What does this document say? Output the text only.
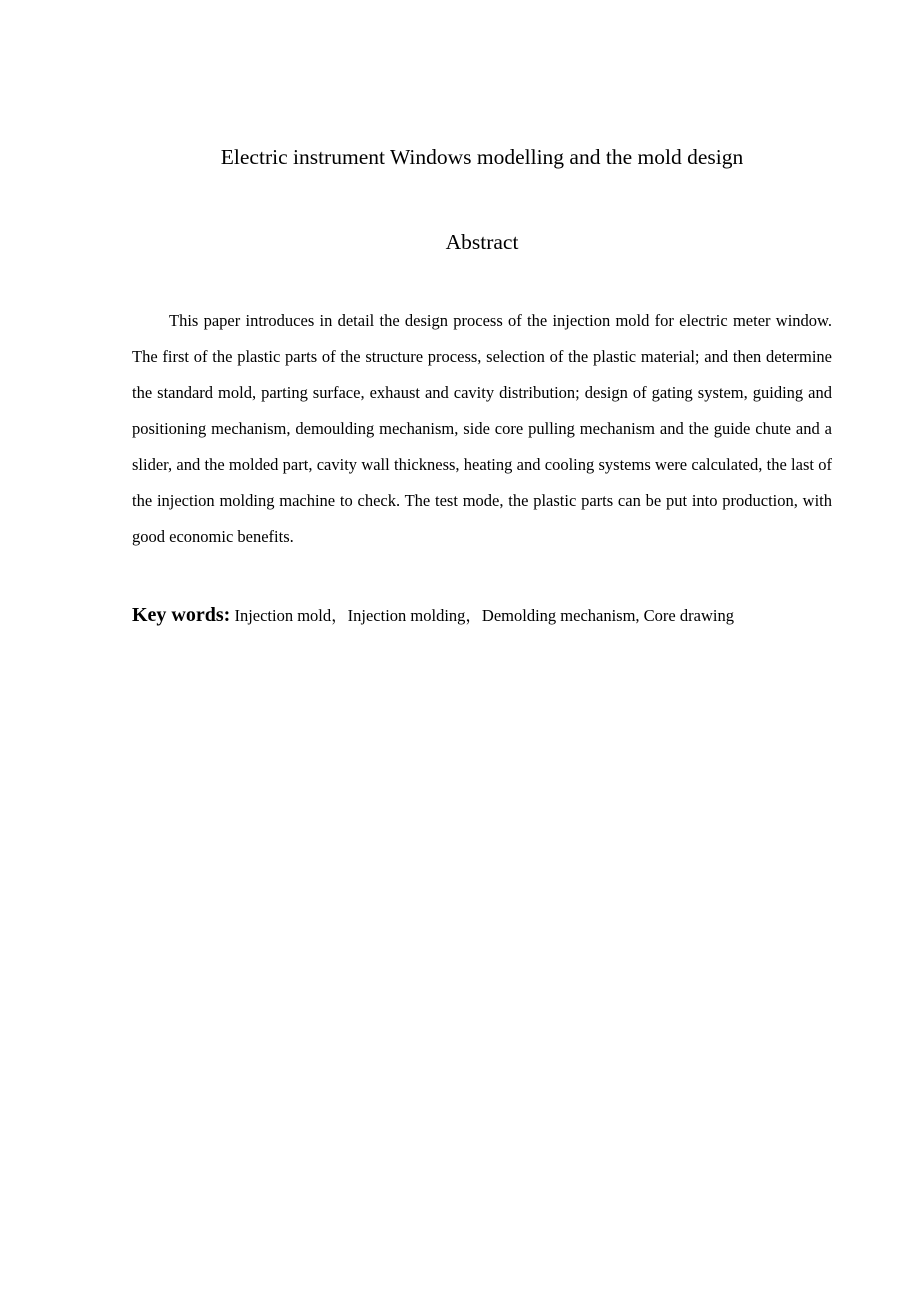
Electric instrument Windows modelling and the mold design
Abstract

This paper introduces in detail the design process of the injection mold for electric meter window. The first of the plastic parts of the structure process, selection of the plastic material; and then determine the standard mold, parting surface, exhaust and cavity distribution; design of gating system, guiding and positioning mechanism, demoulding mechanism, side core pulling mechanism and the guide chute and a slider, and the molded part, cavity wall thickness, heating and cooling systems were calculated, the last of the injection molding machine to check. The test mode, the plastic parts can be put into production, with good economic benefits.

Key words: Injection mold，Injection molding，Demolding mechanism, Core drawing
